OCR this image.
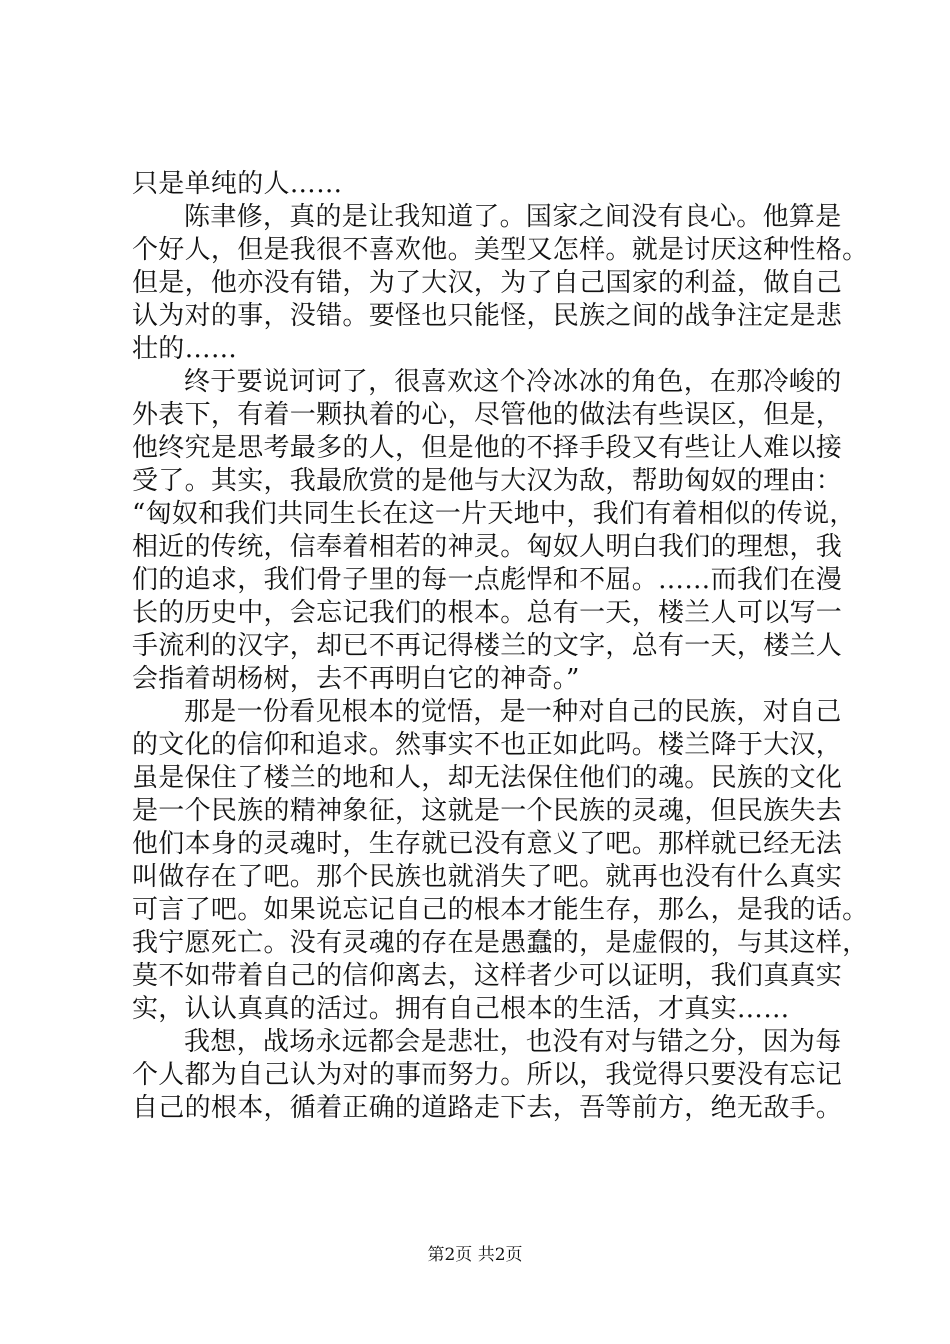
只是单纯的人……
陈聿修，真的是让我知道了。国家之间没有良心。他算是
个好人，但是我很不喜欢他。美型又怎样。就是讨厌这种性格。
但是，他亦没有错，为了大汉，为了自己国家的利益，做自己
认为对的事，没错。要怪也只能怪，民族之间的战争注定是悲
壮的……
终于要说诃诃了，很喜欢这个冷冰冰的角色，在那冷峻的
外表下，有着一颗执着的心，尽管他的做法有些误区，但是，
他终究是思考最多的人，但是他的不择手段又有些让人难以接
受了。其实，我最欣赏的是他与大汉为敌，帮助匈奴的理由：
“匈奴和我们共同生长在这一片天地中，我们有着相似的传说，
相近的传统，信奉着相若的神灵。匈奴人明白我们的理想，我
们的追求，我们骨子里的每一点彪悍和不屈。……而我们在漫
长的历史中，会忘记我们的根本。总有一天，楼兰人可以写一
手流利的汉字，却已不再记得楼兰的文字，总有一天，楼兰人
会指着胡杨树，去不再明白它的神奇。”
那是一份看见根本的觉悟，是一种对自己的民族，对自己
的文化的信仰和追求。然事实不也正如此吗。楼兰降于大汉，
虽是保住了楼兰的地和人，却无法保住他们的魂。民族的文化
是一个民族的精神象征，这就是一个民族的灵魂，但民族失去
他们本身的灵魂时，生存就已没有意义了吧。那样就已经无法
叫做存在了吧。那个民族也就消失了吧。就再也没有什么真实
可言了吧。如果说忘记自己的根本才能生存，那么，是我的话。
我宁愿死亡。没有灵魂的存在是愚蠢的，是虚假的，与其这样，
莫不如带着自己的信仰离去，这样者少可以证明，我们真真实
实，认认真真的活过。拥有自己根本的生活，才真实……
我想，战场永远都会是悲壮，也没有对与错之分，因为每
个人都为自己认为对的事而努力。所以，我觉得只要没有忘记
自己的根本，循着正确的道路走下去，吾等前方，绝无敌手。
第2页 共2页
